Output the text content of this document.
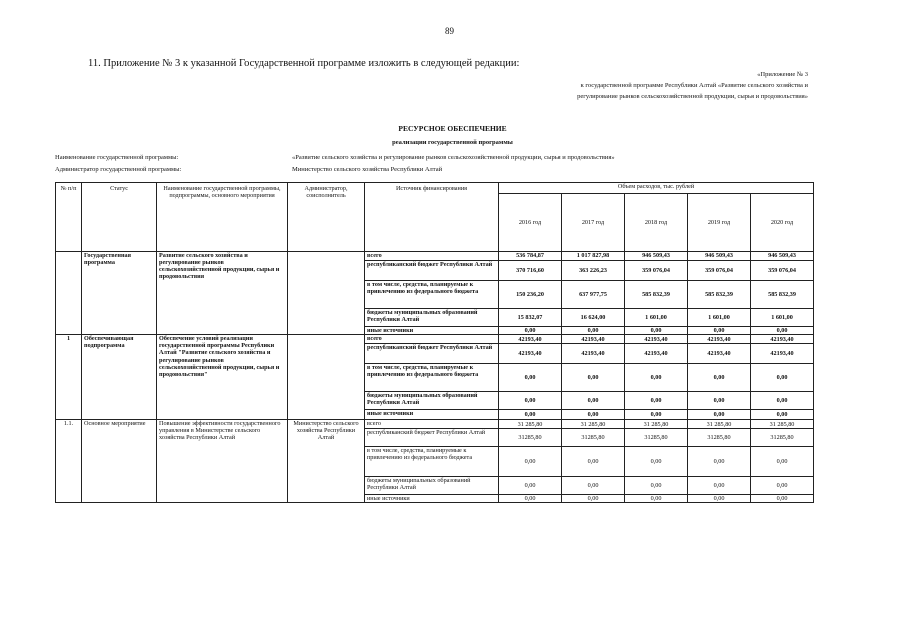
89
11. Приложение № 3 к указанной Государственной программе изложить в следующей редакции:
«Приложение № 3
к государственной программе Республики Алтай «Развитие сельского хозяйства и
регулирование рынков сельскохозяйственной продукции, сырья и продовольствия»
РЕСУРСНОЕ ОБЕСПЕЧЕНИЕ
реализации государственной программы
Наименование государственной программы:	«Развитие сельского хозяйства и регулирование рынков сельскохозяйственной продукции, сырья и продовольствия»
Администратор государственной программы:	Министерство сельского хозяйства Республики Алтай
№ п/п	Статус	Наименование государственной программы, подпрограммы, основного мероприятия	Администратор, соисполнитель	Источник финансирования	Объем расходов, тыс. рублей				
					2016 год	2017 год	2018 год	2019 год	2020 год
	Государственная программа	Развитие сельского хозяйства и регулирование рынков сельскохозяйственной продукции, сырья и продовольствия		всего	536 784,87	1 017 827,98	946 509,43	946 509,43	946 509,43
				республиканский бюджет Республики Алтай	370 716,60	363 226,23	359 076,04	359 076,04	359 076,04
				в том числе, средства, планируемые к привлечению из федерального бюджета	150 236,20	637 977,75	585 832,39	585 832,39	585 832,39
				бюджеты муниципальных образований Республики Алтай	15 832,07	16 624,00	1 601,00	1 601,00	1 601,00
				иные источники	0,00	0,00	0,00	0,00	0,00
1	Обеспечивающая подпрограмма	Обеспечение условий реализации государственной программы Республики Алтай "Развитие сельского хозяйства и регулирование рынков сельскохозяйственной продукции, сырья и продовольствия"		всего	42193,40	42193,40	42193,40	42193,40	42193,40
				республиканский бюджет Республики Алтай	42193,40	42193,40	42193,40	42193,40	42193,40
				в том числе, средства, планируемые к привлечению из федерального бюджета	0,00	0,00	0,00	0,00	0,00
				бюджеты муниципальных образований Республики Алтай	0,00	0,00	0,00	0,00	0,00
				иные источники	0,00	0,00	0,00	0,00	0,00
1.1.	Основное мероприятие	Повышение эффективности государственного управления в Министерстве сельского хозяйства Республики Алтай	Министерство сельского хозяйства Республики Алтай	всего	31 285,80	31 285,80	31 285,80	31 285,80	31 285,80
				республиканский бюджет Республики Алтай	31285,80	31285,80	31285,80	31285,80	31285,80
				в том числе, средства, планируемые к привлечению из федерального бюджета	0,00	0,00	0,00	0,00	0,00
				бюджеты муниципальных образований Республики Алтай	0,00	0,00	0,00	0,00	0,00
				иные источники	0,00	0,00	0,00	0,00	0,00
